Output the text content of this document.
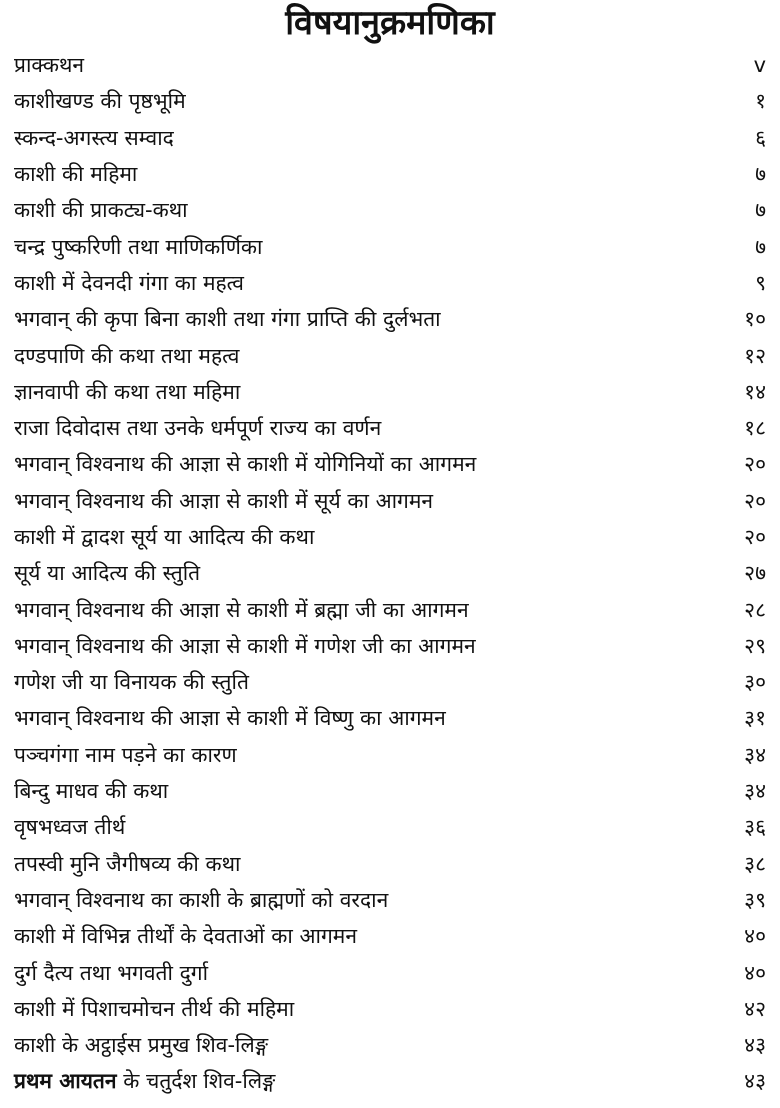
विषयानुक्रमणिका
प्राक्कथन	v
काशीखण्ड की पृष्ठभूमि	१
स्कन्द-अगस्त्य सम्वाद	६
काशी की महिमा	७
काशी की प्राकट्य-कथा	७
चन्द्र पुष्करिणी तथा माणिकर्णिका	७
काशी में देवनदी गंगा का महत्व	९
भगवान् की कृपा बिना काशी तथा गंगा प्राप्ति की दुर्लभता	१०
दण्डपाणि की कथा तथा महत्व	१२
ज्ञानवापी की कथा तथा महिमा	१४
राजा दिवोदास तथा उनके धर्मपूर्ण राज्य का वर्णन	१८
भगवान् विश्वनाथ की आज्ञा से काशी में योगिनियों का आगमन	२०
भगवान् विश्वनाथ की आज्ञा से काशी में सूर्य का आगमन	२०
काशी में द्वादश सूर्य या आदित्य की कथा	२०
सूर्य या आदित्य की स्तुति	२७
भगवान् विश्वनाथ की आज्ञा से काशी में ब्रह्मा जी का आगमन	२८
भगवान् विश्वनाथ की आज्ञा से काशी में गणेश जी का आगमन	२९
गणेश जी या विनायक की स्तुति	३०
भगवान् विश्वनाथ की आज्ञा से काशी में विष्णु का आगमन	३१
पञ्चगंगा नाम पड़ने का कारण	३४
बिन्दु माधव की कथा	३४
वृषभध्वज तीर्थ	३६
तपस्वी मुनि जैगीषव्य की कथा	३८
भगवान् विश्वनाथ का काशी के ब्राह्मणों को वरदान	३९
काशी में विभिन्न तीर्थों के देवताओं का आगमन	४०
दुर्ग दैत्य तथा भगवती दुर्गा	४०
काशी में पिशाचमोचन तीर्थ की महिमा	४२
काशी के अट्ठाईस प्रमुख शिव-लिङ्ग	४३
प्रथम आयतन के चतुर्दश शिव-लिङ्ग	४३
